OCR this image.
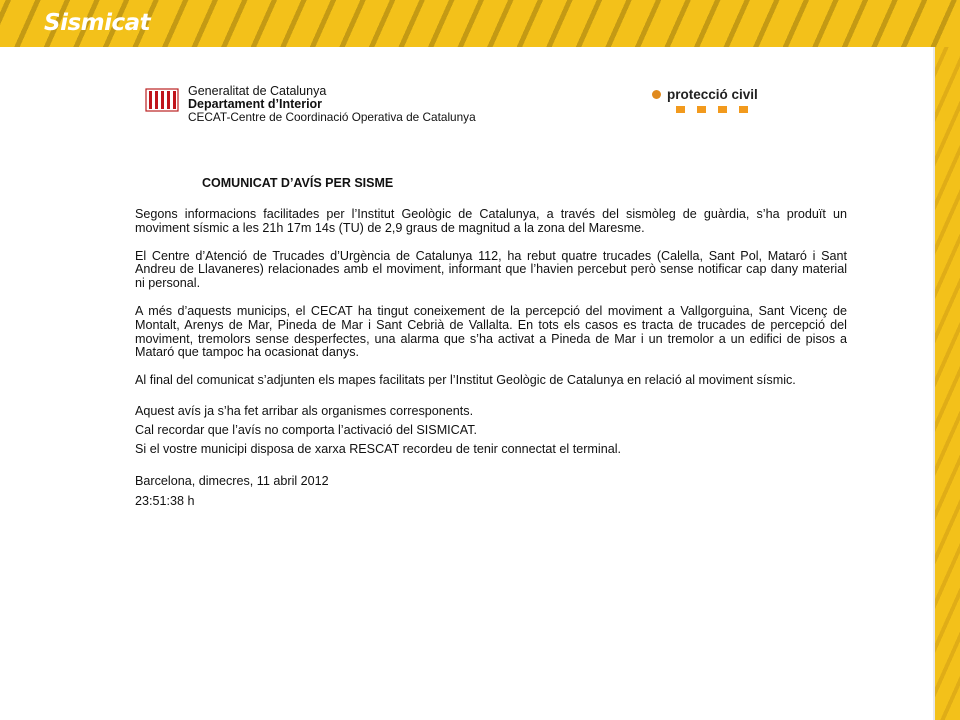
Sismicat
Generalitat de Catalunya
Departament d’Interior
CECAT-Centre de Coordinació Operativa de Catalunya
protecció civil
COMUNICAT D’AVÍS PER SISME

Segons informacions facilitades per l’Institut Geològic de Catalunya, a través del sismòleg de guàrdia, s’ha produït un moviment sísmic a les 21h 17m 14s (TU) de 2,9 graus de magnitud a la zona del Maresme.

El Centre d’Atenció de Trucades d’Urgència de Catalunya 112, ha rebut quatre trucades (Calella, Sant Pol, Mataró i Sant Andreu de Llavaneres) relacionades amb el moviment, informant que l’havien percebut però sense notificar cap dany material ni personal.

A més d’aquests municips, el CECAT ha tingut coneixement de la percepció del moviment a Vallgorguina, Sant Vicenç de Montalt, Arenys de Mar, Pineda de Mar i Sant Cebrià de Vallalta. En tots els casos es tracta de trucades de percepció del moviment, tremolors sense desperfectes, una alarma que s’ha activat a Pineda de Mar i un tremolor a un edifici de pisos a Mataró que tampoc ha ocasionat danys.

Al final del comunicat s’adjunten els mapes facilitats per l’Institut Geològic de Catalunya en relació al moviment sísmic.

Aquest avís ja s’ha fet arribar als organismes corresponents.

Cal recordar que l’avís no comporta l’activació del SISMICAT.

Si el vostre municipi disposa de xarxa RESCAT recordeu de tenir connectat el terminal.

Barcelona, dimecres, 11 abril 2012

23:51:38 h
